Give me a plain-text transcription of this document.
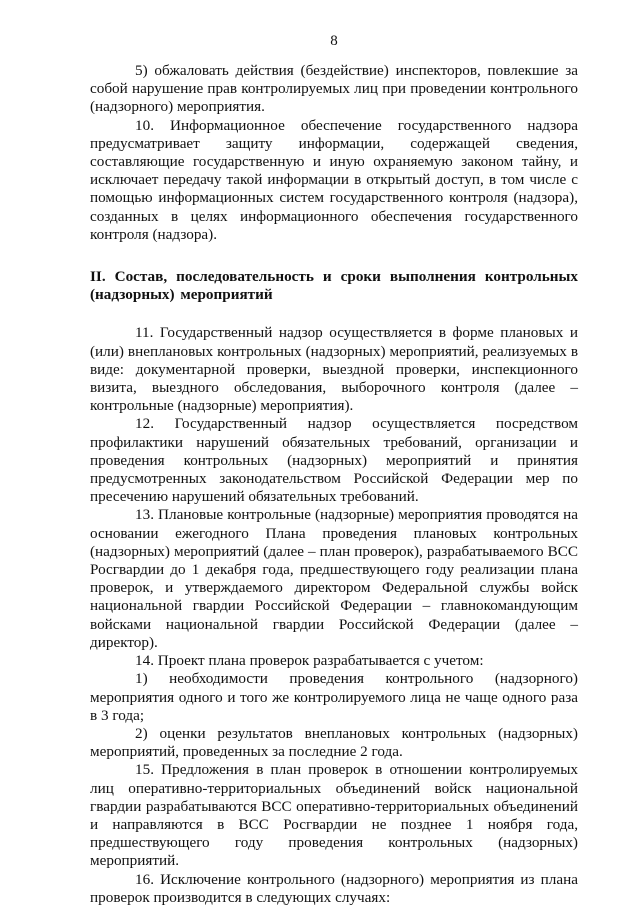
8

5) обжаловать действия (бездействие) инспекторов, повлекшие за собой нарушение прав контролируемых лиц при проведении контрольного (надзорного) мероприятия.

10. Информационное обеспечение государственного надзора предусматривает защиту информации, содержащей сведения, составляющие государственную и иную охраняемую законом тайну, и исключает передачу такой информации в открытый доступ, в том числе с помощью информационных систем государственного контроля (надзора), созданных в целях информационного обеспечения государственного контроля (надзора).

II. Состав, последовательность и сроки выполнения контрольных (надзорных) мероприятий

11. Государственный надзор осуществляется в форме плановых и (или) внеплановых контрольных (надзорных) мероприятий, реализуемых в виде: документарной проверки, выездной проверки, инспекционного визита, выездного обследования, выборочного контроля (далее – контрольные (надзорные) мероприятия).

12. Государственный надзор осуществляется посредством профилактики нарушений обязательных требований, организации и проведения контрольных (надзорных) мероприятий и принятия предусмотренных законодательством Российской Федерации мер по пресечению нарушений обязательных требований.

13. Плановые контрольные (надзорные) мероприятия проводятся на основании ежегодного Плана проведения плановых контрольных (надзорных) мероприятий (далее – план проверок), разрабатываемого ВСС Росгвардии до 1 декабря года, предшествующего году реализации плана проверок, и утверждаемого директором Федеральной службы войск национальной гвардии Российской Федерации – главнокомандующим войсками национальной гвардии Российской Федерации (далее – директор).

14. Проект плана проверок разрабатывается с учетом:

1) необходимости проведения контрольного (надзорного) мероприятия одного и того же контролируемого лица не чаще одного раза в 3 года;

2) оценки результатов внеплановых контрольных (надзорных) мероприятий, проведенных за последние 2 года.

15. Предложения в план проверок в отношении контролируемых лиц оперативно-территориальных объединений войск национальной гвардии разрабатываются ВСС оперативно-территориальных объединений и направляются в ВСС Росгвардии не позднее 1 ноября года, предшествующего году проведения контрольных (надзорных) мероприятий.

16. Исключение контрольного (надзорного) мероприятия из плана проверок производится в следующих случаях:
